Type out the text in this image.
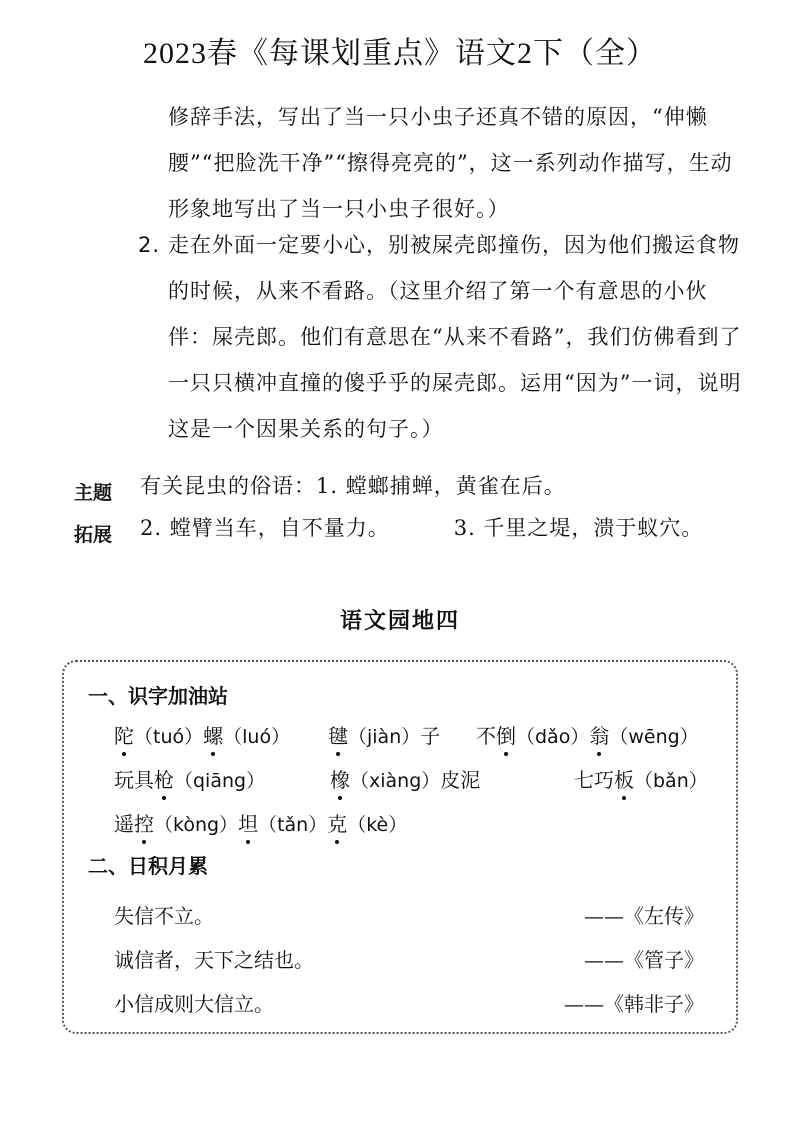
2023春《每课划重点》语文2下（全）
修辞手法，写出了当一只小虫子还真不错的原因，“伸懒腰”“把脸洗干净”“擦得亮亮的”，这一系列动作描写，生动形象地写出了当一只小虫子很好。）
2. 走在外面一定要小心，别被屎壳郎撞伤，因为他们搬运食物的时候，从来不看路。（这里介绍了第一个有意思的小伙伴：屎壳郎。他们有意思在“从来不看路”，我们仿佛看到了一只只横冲直撞的傻乎乎的屎壳郎。运用“因为”一词，说明这是一个因果关系的句子。）
主题
拓展
有关昆虫的俗语：1. 螳螂捕蝉，黄雀在后。
2. 螳臂当车，自不量力。	3. 千里之堤，溃于蚁穴。
语文园地四
一、识字加油站
陀（tuó）螺（luó） 毽（jiàn）子 不倒（dǎo）翁（wēng）
玩具枪（qiāng）	橡（xiàng）皮泥	七巧板（bǎn）
遥控（kòng）坦（tǎn）克（kè）
二、日积月累
失信不立。	——《左传》
诚信者，天下之结也。	——《管子》
小信成则大信立。	——《韩非子》
